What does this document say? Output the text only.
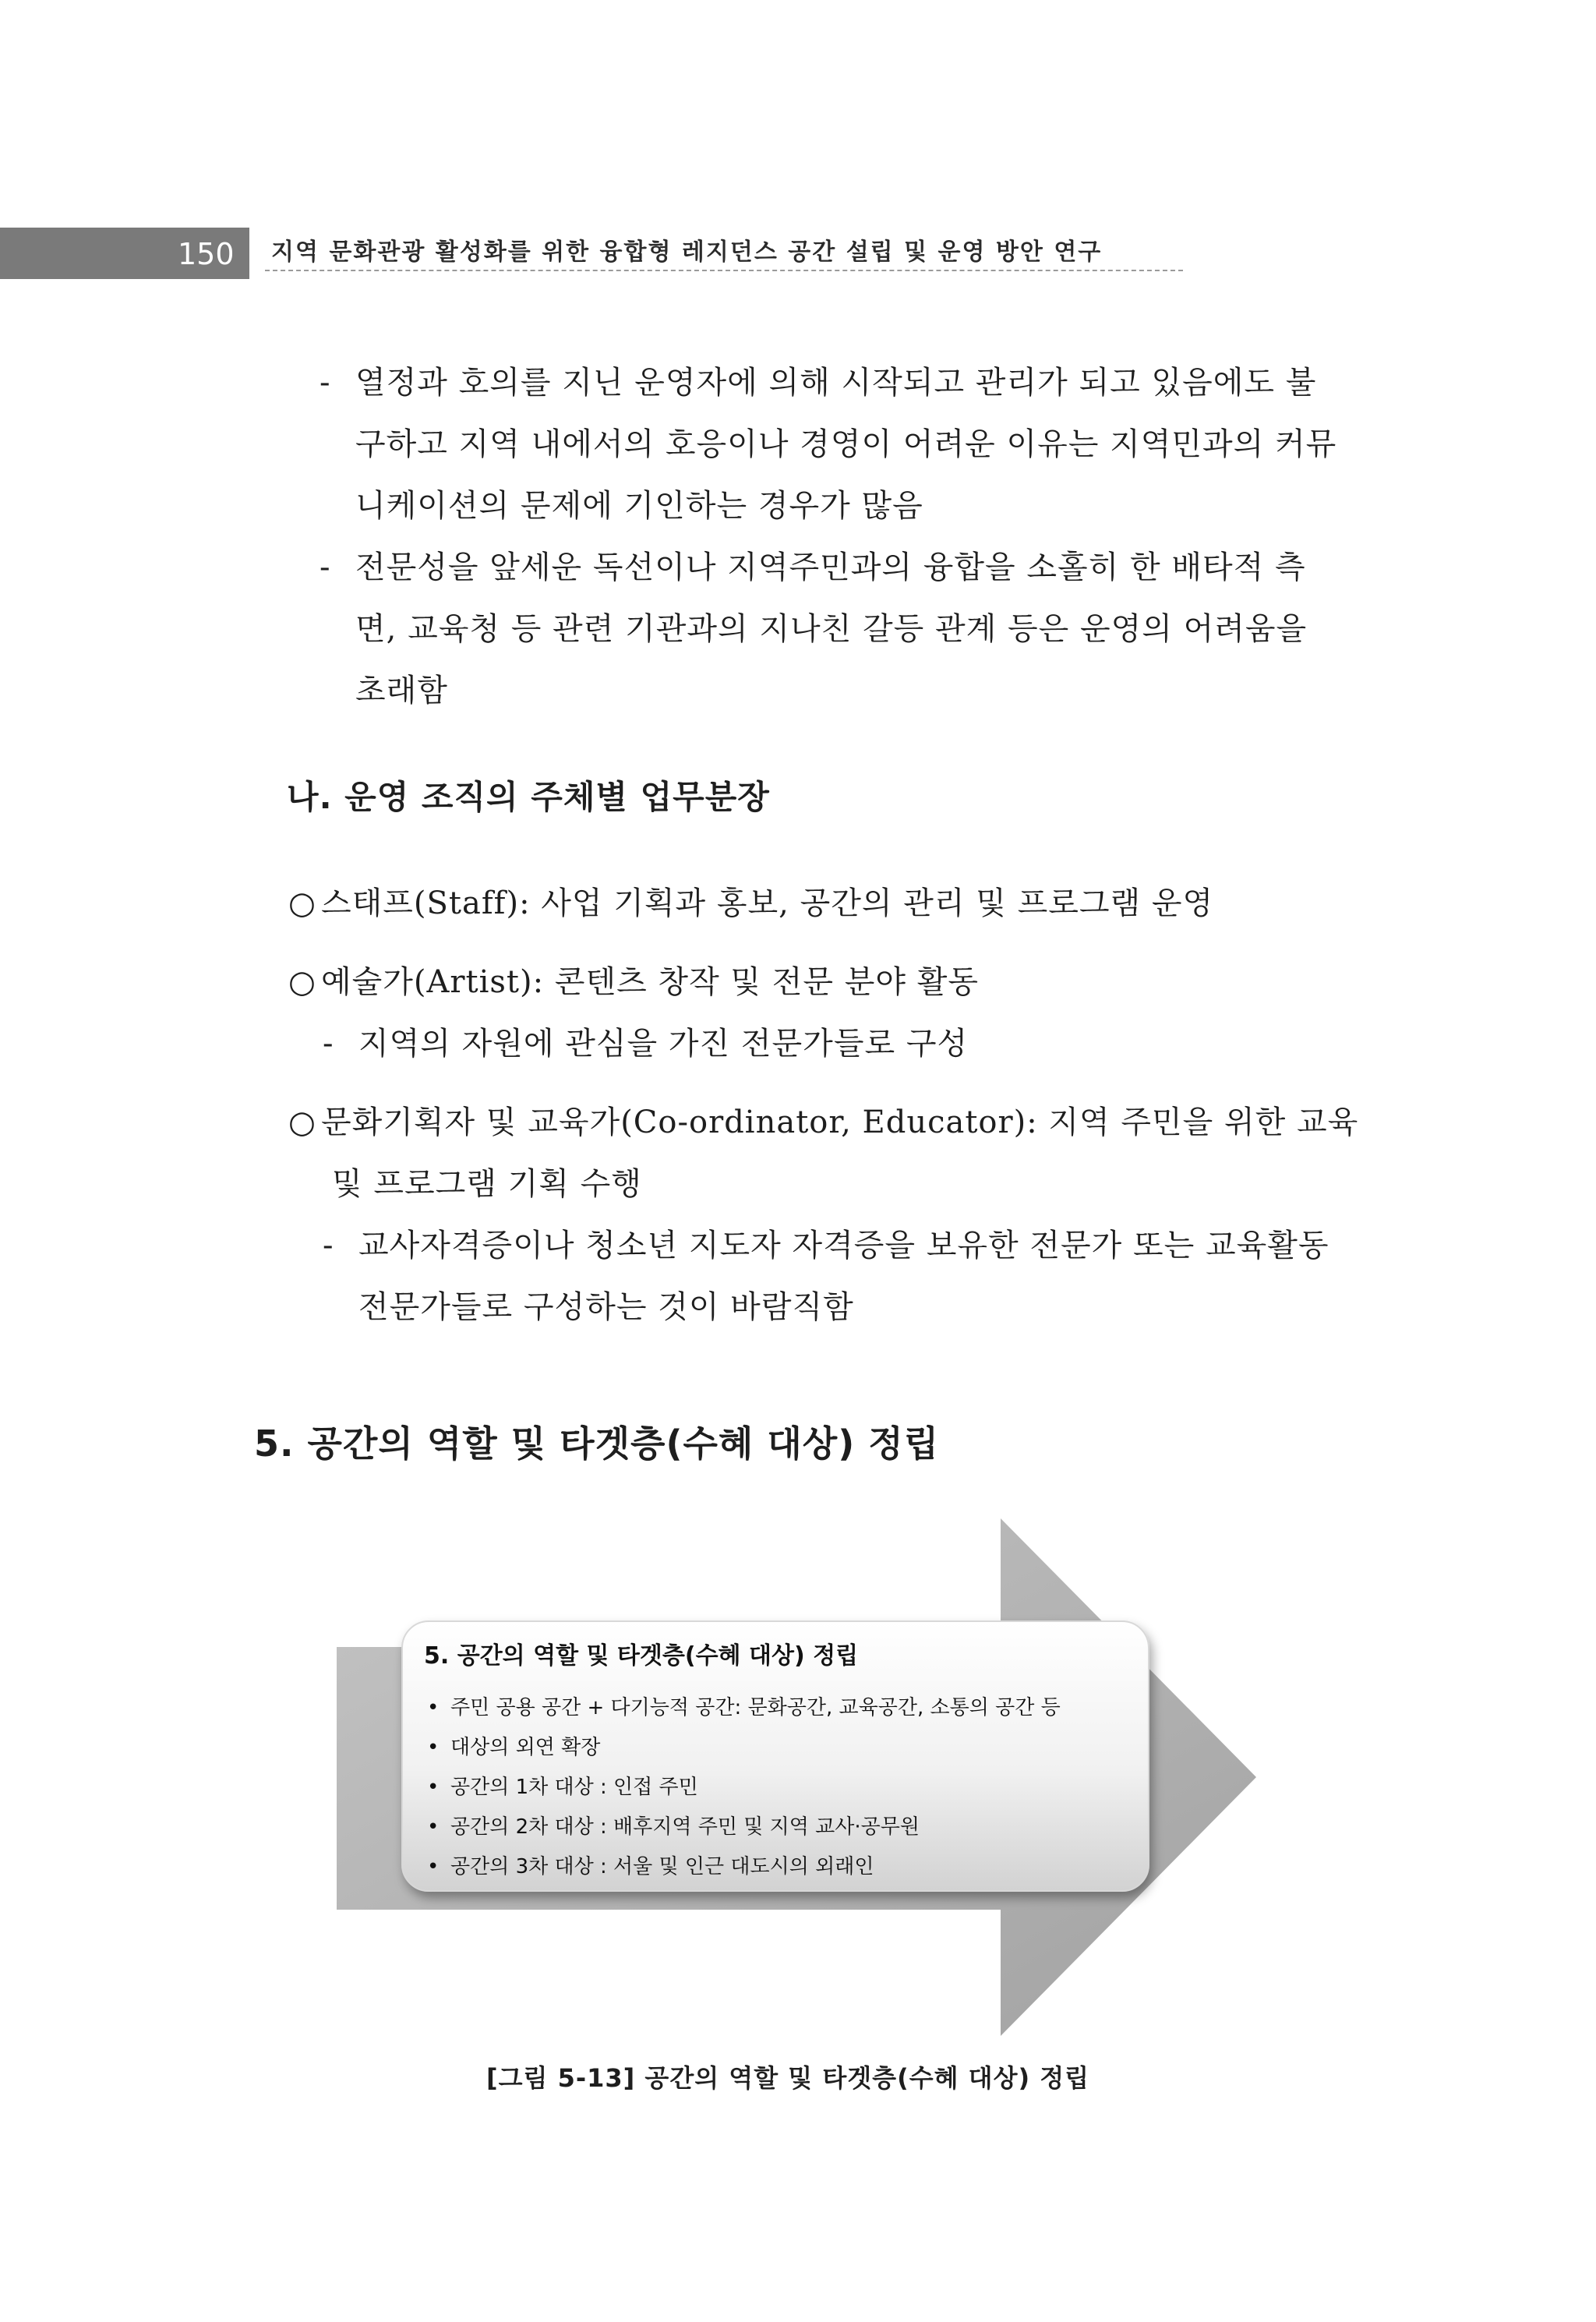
150	지역 문화관광 활성화를 위한 융합형 레지던스 공간 설립 및 운영 방안 연구
- 열정과 호의를 지닌 운영자에 의해 시작되고 관리가 되고 있음에도 불
구하고 지역 내에서의 호응이나 경영이 어려운 이유는 지역민과의 커뮤
니케이션의 문제에 기인하는 경우가 많음
- 전문성을 앞세운 독선이나 지역주민과의 융합을 소홀히 한 배타적 측
면, 교육청 등 관련 기관과의 지나친 갈등 관계 등은 운영의 어려움을
초래함
나. 운영 조직의 주체별 업무분장
○ 스태프(Staff): 사업 기획과 홍보, 공간의 관리 및 프로그램 운영
○ 예술가(Artist): 콘텐츠 창작 및 전문 분야 활동
- 지역의 자원에 관심을 가진 전문가들로 구성
○ 문화기획자 및 교육가(Co-ordinator, Educator): 지역 주민을 위한 교육
및 프로그램 기획 수행
- 교사자격증이나 청소년 지도자 자격증을 보유한 전문가 또는 교육활동
전문가들로 구성하는 것이 바람직함
5. 공간의 역할 및 타겟층(수혜 대상) 정립
5. 공간의 역할 및 타겟층(수혜 대상) 정립
• 주민 공용 공간 + 다기능적 공간: 문화공간, 교육공간, 소통의 공간 등
• 대상의 외연 확장
• 공간의 1차 대상 : 인접 주민
• 공간의 2차 대상 : 배후지역 주민 및 지역 교사·공무원
• 공간의 3차 대상 : 서울 및 인근 대도시의 외래인
[그림 5-13] 공간의 역할 및 타겟층(수혜 대상) 정립
